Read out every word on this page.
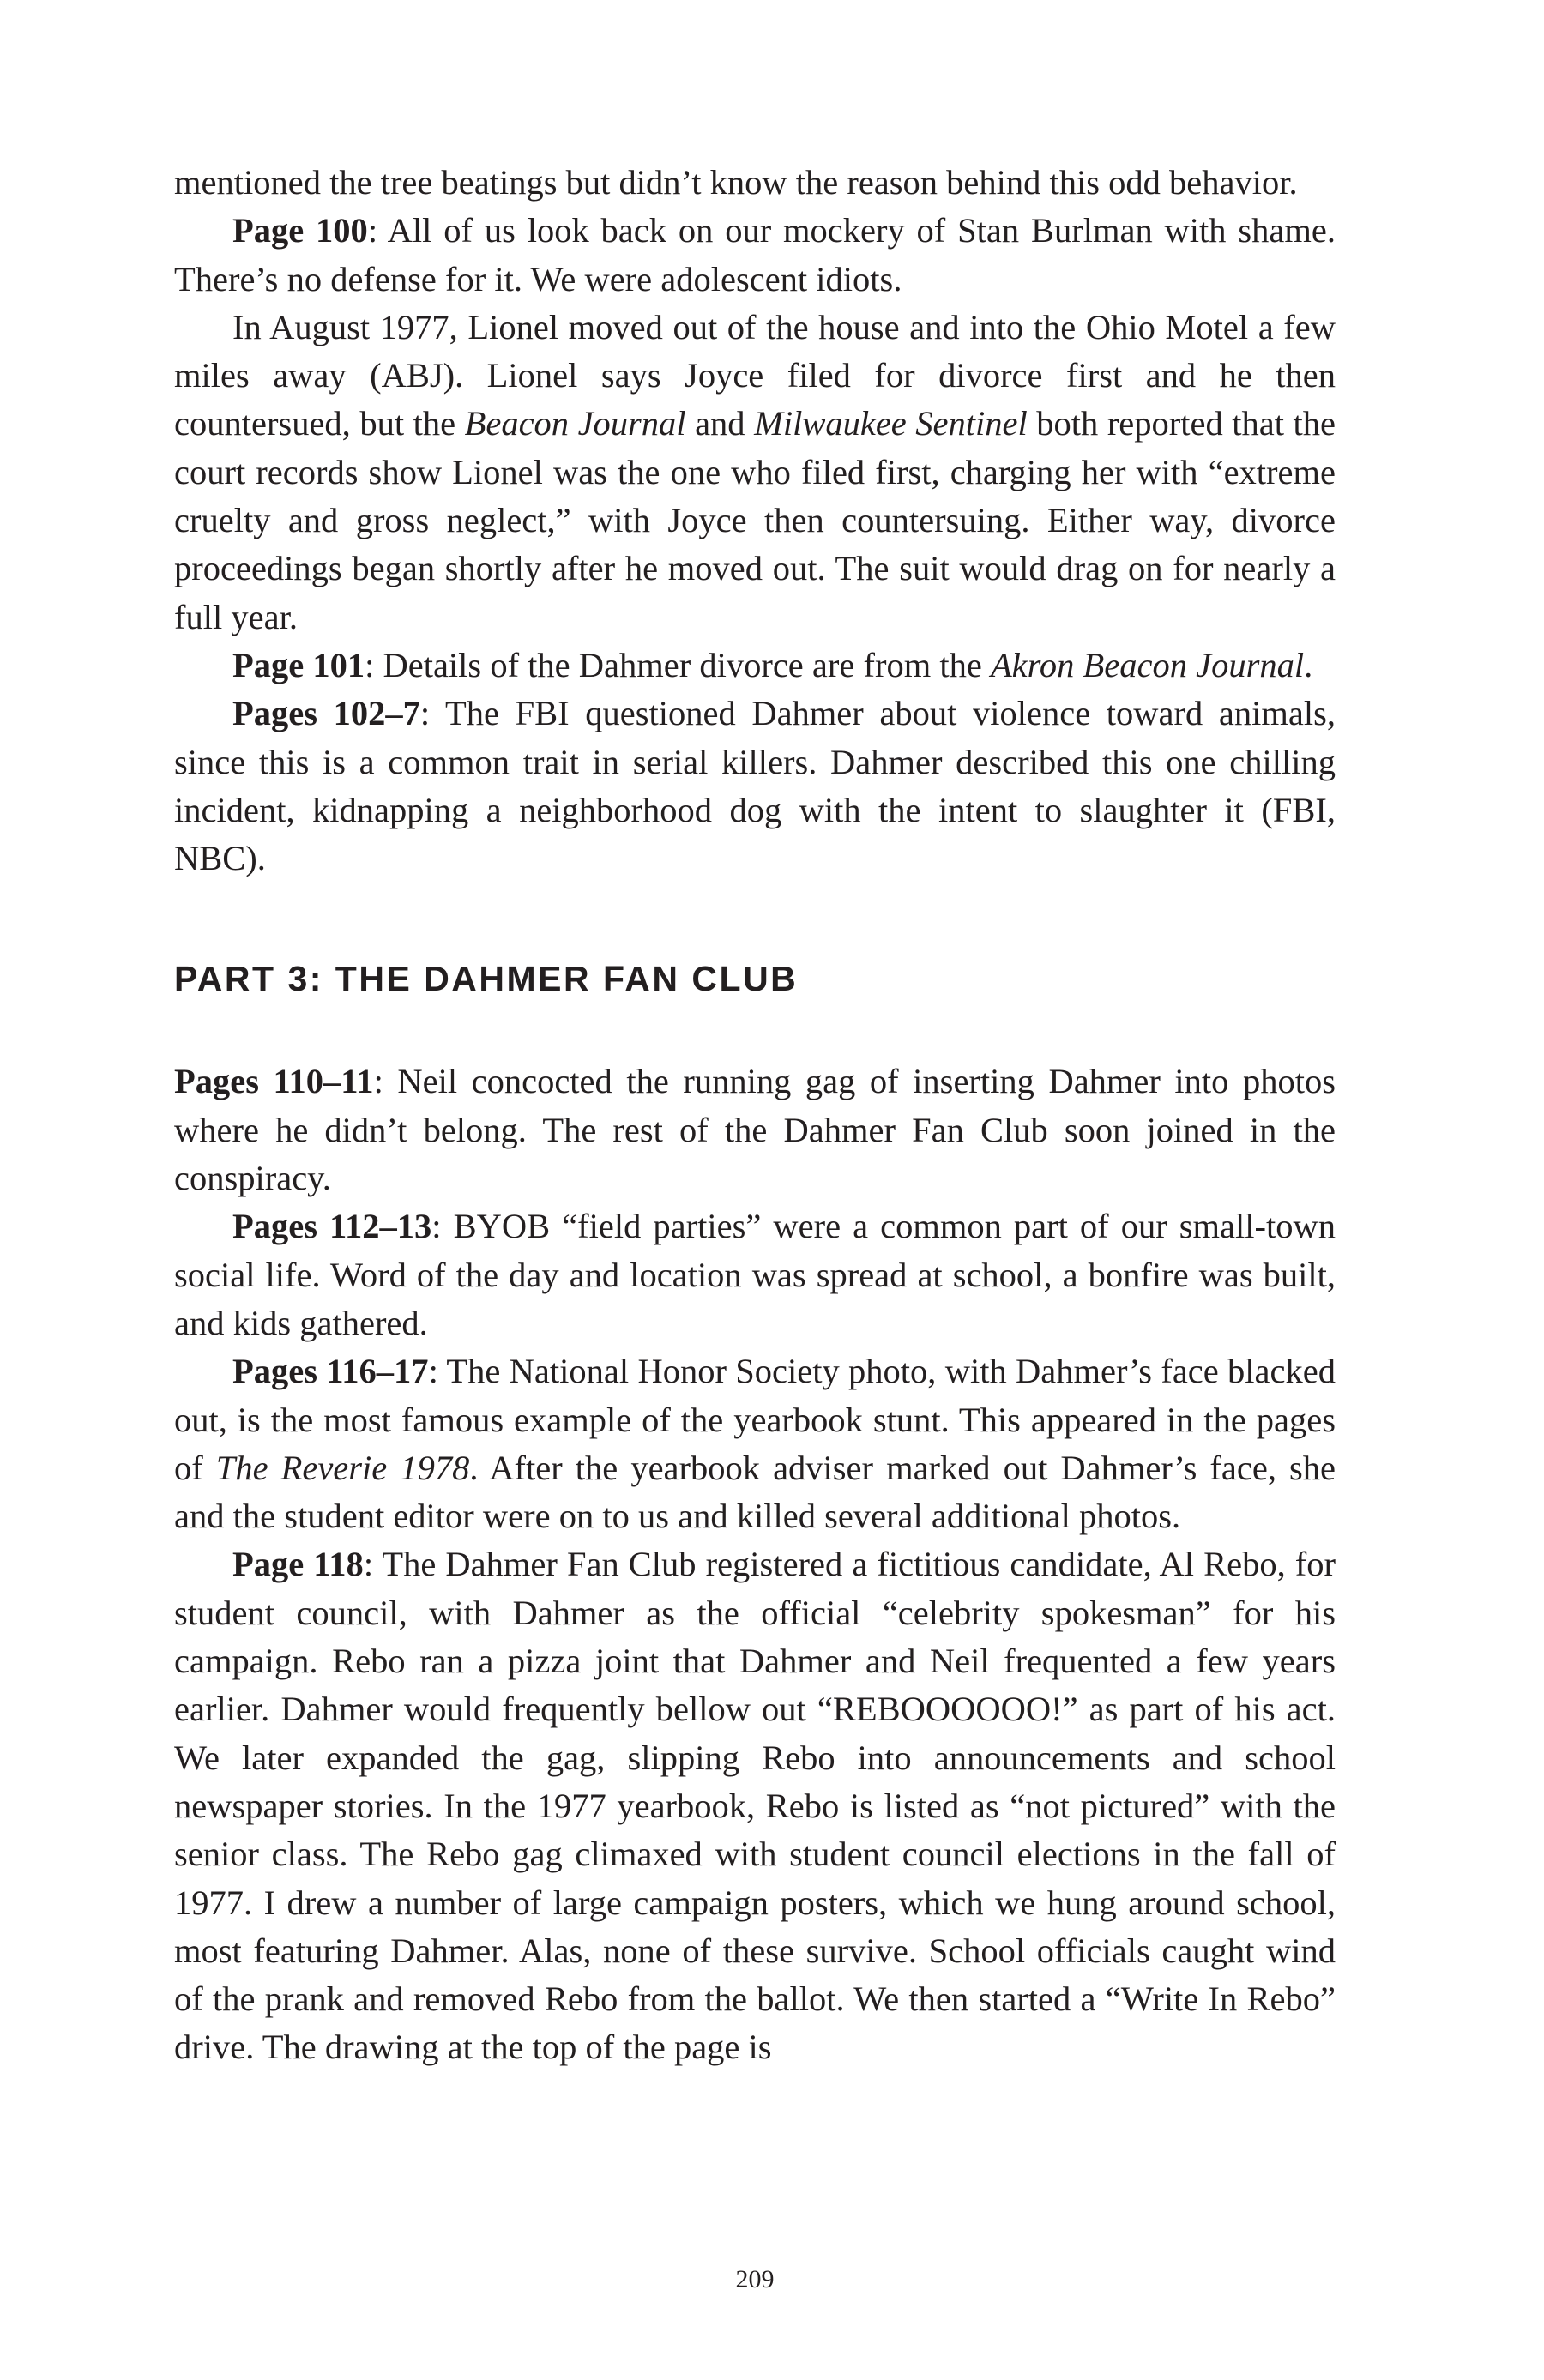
mentioned the tree beatings but didn’t know the reason behind this odd behavior.

Page 100: All of us look back on our mockery of Stan Burlman with shame. There’s no defense for it. We were adolescent idiots.

In August 1977, Lionel moved out of the house and into the Ohio Motel a few miles away (ABJ). Lionel says Joyce filed for divorce first and he then countersued, but the Beacon Journal and Milwaukee Sentinel both reported that the court records show Lionel was the one who filed first, charging her with “extreme cruelty and gross neglect,” with Joyce then countersuing. Either way, divorce proceedings began shortly after he moved out. The suit would drag on for nearly a full year.

Page 101: Details of the Dahmer divorce are from the Akron Beacon Journal.

Pages 102–7: The FBI questioned Dahmer about violence toward animals, since this is a common trait in serial killers. Dahmer described this one chilling incident, kidnapping a neighborhood dog with the intent to slaughter it (FBI, NBC).

PART 3: THE DAHMER FAN CLUB

Pages 110–11: Neil concocted the running gag of inserting Dahmer into photos where he didn’t belong. The rest of the Dahmer Fan Club soon joined in the conspiracy.

Pages 112–13: BYOB “field parties” were a common part of our small-town social life. Word of the day and location was spread at school, a bonfire was built, and kids gathered.

Pages 116–17: The National Honor Society photo, with Dahmer’s face blacked out, is the most famous example of the yearbook stunt. This appeared in the pages of The Reverie 1978. After the yearbook adviser marked out Dahmer’s face, she and the student editor were on to us and killed several additional photos.

Page 118: The Dahmer Fan Club registered a fictitious candidate, Al Rebo, for student council, with Dahmer as the official “celebrity spokesman” for his campaign. Rebo ran a pizza joint that Dahmer and Neil frequented a few years earlier. Dahmer would frequently bellow out “REBOOOOOO!” as part of his act. We later expanded the gag, slipping Rebo into announcements and school newspaper stories. In the 1977 yearbook, Rebo is listed as “not pictured” with the senior class. The Rebo gag climaxed with student council elections in the fall of 1977. I drew a number of large campaign posters, which we hung around school, most featuring Dahmer. Alas, none of these survive. School officials caught wind of the prank and removed Rebo from the ballot. We then started a “Write In Rebo” drive. The drawing at the top of the page is

209
